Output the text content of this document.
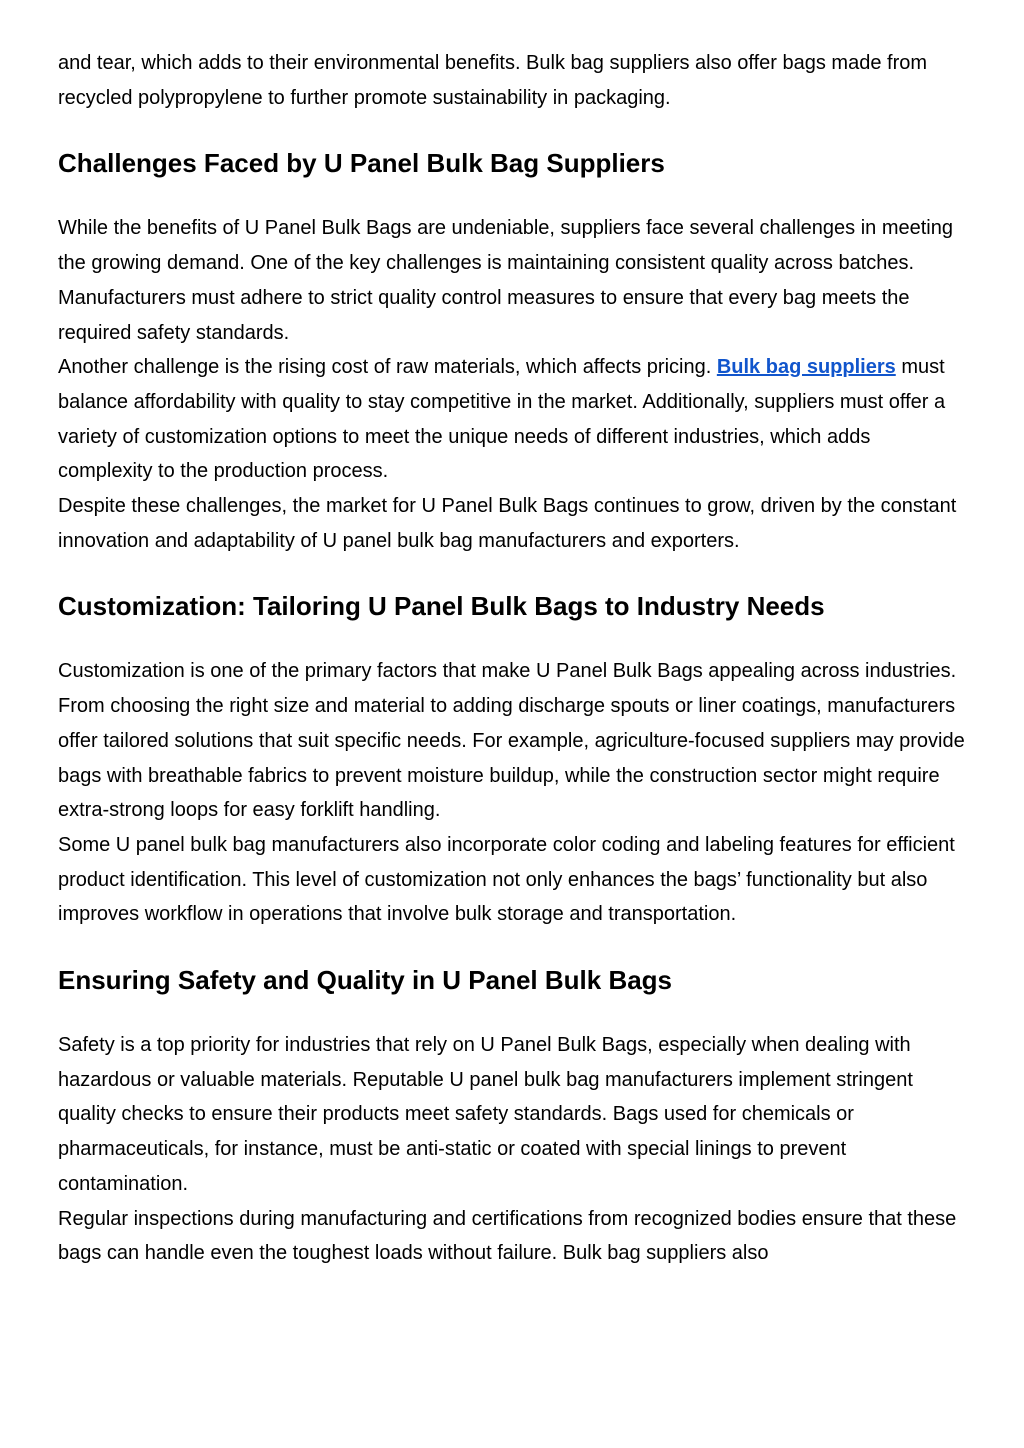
and tear, which adds to their environmental benefits. Bulk bag suppliers also offer bags made from recycled polypropylene to further promote sustainability in packaging.

Challenges Faced by U Panel Bulk Bag Suppliers

While the benefits of U Panel Bulk Bags are undeniable, suppliers face several challenges in meeting the growing demand. One of the key challenges is maintaining consistent quality across batches. Manufacturers must adhere to strict quality control measures to ensure that every bag meets the required safety standards.

Another challenge is the rising cost of raw materials, which affects pricing. Bulk bag suppliers must balance affordability with quality to stay competitive in the market. Additionally, suppliers must offer a variety of customization options to meet the unique needs of different industries, which adds complexity to the production process.

Despite these challenges, the market for U Panel Bulk Bags continues to grow, driven by the constant innovation and adaptability of U panel bulk bag manufacturers and exporters.

Customization: Tailoring U Panel Bulk Bags to Industry Needs

Customization is one of the primary factors that make U Panel Bulk Bags appealing across industries. From choosing the right size and material to adding discharge spouts or liner coatings, manufacturers offer tailored solutions that suit specific needs. For example, agriculture-focused suppliers may provide bags with breathable fabrics to prevent moisture buildup, while the construction sector might require extra-strong loops for easy forklift handling.

Some U panel bulk bag manufacturers also incorporate color coding and labeling features for efficient product identification. This level of customization not only enhances the bags’ functionality but also improves workflow in operations that involve bulk storage and transportation.

Ensuring Safety and Quality in U Panel Bulk Bags

Safety is a top priority for industries that rely on U Panel Bulk Bags, especially when dealing with hazardous or valuable materials. Reputable U panel bulk bag manufacturers implement stringent quality checks to ensure their products meet safety standards. Bags used for chemicals or pharmaceuticals, for instance, must be anti-static or coated with special linings to prevent contamination.

Regular inspections during manufacturing and certifications from recognized bodies ensure that these bags can handle even the toughest loads without failure. Bulk bag suppliers also
